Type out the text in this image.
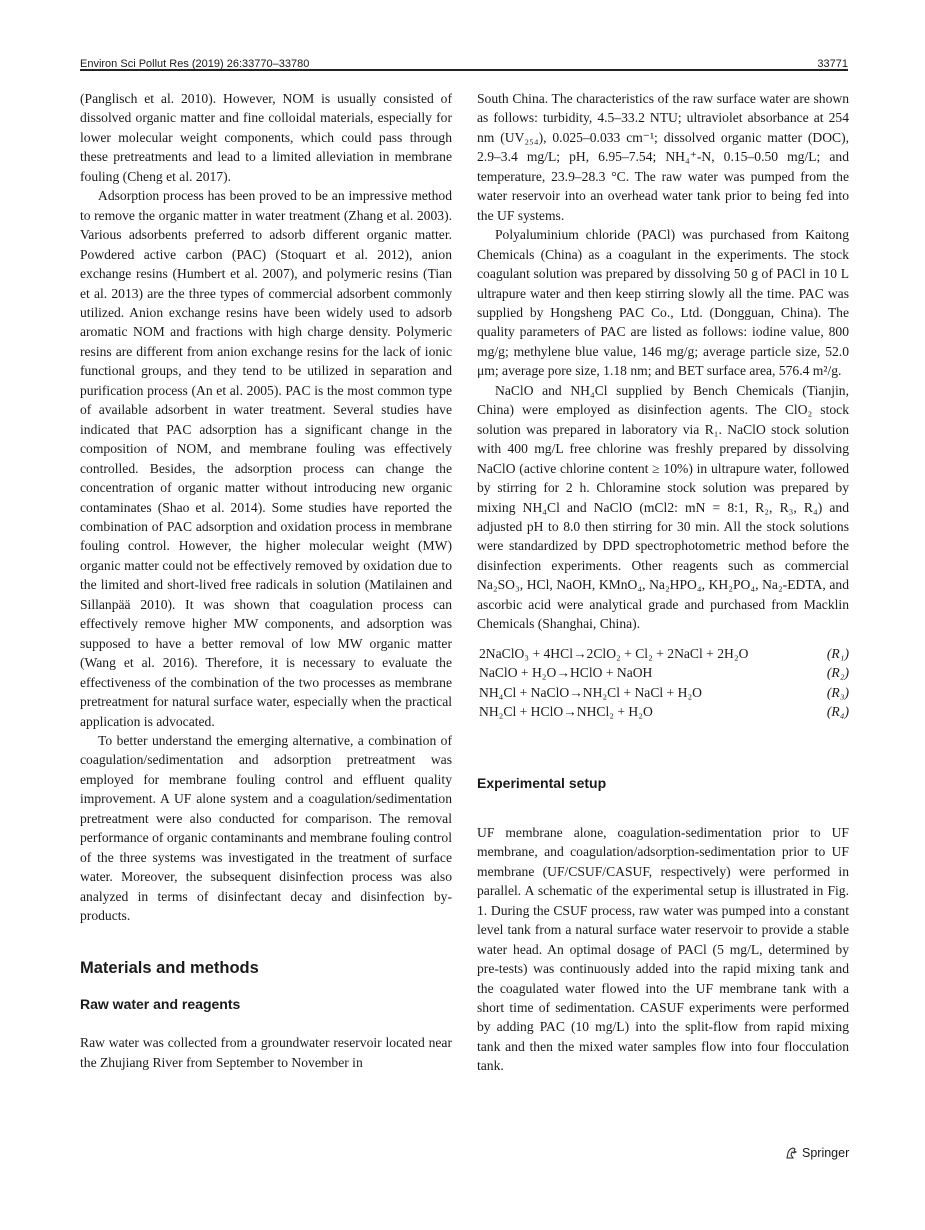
Environ Sci Pollut Res (2019) 26:33770–33780	33771

(Panglisch et al. 2010). However, NOM is usually consisted of dissolved organic matter and fine colloidal materials, especially for lower molecular weight components, which could pass through these pretreatments and lead to a limited alleviation in membrane fouling (Cheng et al. 2017).

Adsorption process has been proved to be an impressive method to remove the organic matter in water treatment (Zhang et al. 2003). Various adsorbents preferred to adsorb different organic matter. Powdered active carbon (PAC) (Stoquart et al. 2012), anion exchange resins (Humbert et al. 2007), and polymeric resins (Tian et al. 2013) are the three types of commercial adsorbent commonly utilized. Anion exchange resins have been widely used to adsorb aromatic NOM and fractions with high charge density. Polymeric resins are different from anion exchange resins for the lack of ionic functional groups, and they tend to be utilized in separation and purification process (An et al. 2005). PAC is the most common type of available adsorbent in water treatment. Several studies have indicated that PAC adsorption has a significant change in the composition of NOM, and membrane fouling was effectively controlled. Besides, the adsorption process can change the concentration of organic matter without introducing new organic contaminates (Shao et al. 2014). Some studies have reported the combination of PAC adsorption and oxidation process in membrane fouling control. However, the higher molecular weight (MW) organic matter could not be effectively removed by oxidation due to the limited and short-lived free radicals in solution (Matilainen and Sillanpää 2010). It was shown that coagulation process can effectively remove higher MW components, and adsorption was supposed to have a better removal of low MW organic matter (Wang et al. 2016). Therefore, it is necessary to evaluate the effectiveness of the combination of the two processes as membrane pretreatment for natural surface water, especially when the practical application is advocated.

To better understand the emerging alternative, a combination of coagulation/sedimentation and adsorption pretreatment was employed for membrane fouling control and effluent quality improvement. A UF alone system and a coagulation/sedimentation pretreatment were also conducted for comparison. The removal performance of organic contaminants and membrane fouling control of the three systems was investigated in the treatment of surface water. Moreover, the subsequent disinfection process was also analyzed in terms of disinfectant decay and disinfection by-products.

Materials and methods
Raw water and reagents

Raw water was collected from a groundwater reservoir located near the Zhujiang River from September to November in

South China. The characteristics of the raw surface water are shown as follows: turbidity, 4.5–33.2 NTU; ultraviolet absorbance at 254 nm (UV₂₅₄), 0.025–0.033 cm⁻¹; dissolved organic matter (DOC), 2.9–3.4 mg/L; pH, 6.95–7.54; NH₄⁺-N, 0.15–0.50 mg/L; and temperature, 23.9–28.3 °C. The raw water was pumped from the water reservoir into an overhead water tank prior to being fed into the UF systems.

Polyaluminium chloride (PACl) was purchased from Kaitong Chemicals (China) as a coagulant in the experiments. The stock coagulant solution was prepared by dissolving 50 g of PACl in 10 L ultrapure water and then keep stirring slowly all the time. PAC was supplied by Hongsheng PAC Co., Ltd. (Dongguan, China). The quality parameters of PAC are listed as follows: iodine value, 800 mg/g; methylene blue value, 146 mg/g; average particle size, 52.0 μm; average pore size, 1.18 nm; and BET surface area, 576.4 m²/g.

NaClO and NH₄Cl supplied by Bench Chemicals (Tianjin, China) were employed as disinfection agents. The ClO₂ stock solution was prepared in laboratory via R₁. NaClO stock solution with 400 mg/L free chlorine was freshly prepared by dissolving NaClO (active chlorine content ≥ 10%) in ultrapure water, followed by stirring for 2 h. Chloramine stock solution was prepared by mixing NH₄Cl and NaClO (mCl2: mN = 8:1, R₂, R₃, R₄) and adjusted pH to 8.0 then stirring for 30 min. All the stock solutions were standardized by DPD spectrophotometric method before the disinfection experiments. Other reagents such as commercial Na₂SO₃, HCl, NaOH, KMnO₄, Na₂HPO₄, KH₂PO₄, Na₂-EDTA, and ascorbic acid were analytical grade and purchased from Macklin Chemicals (Shanghai, China).

2NaClO₃ + 4HCl→2ClO₂ + Cl₂ + 2NaCl + 2H₂O	(R₁)
NaClO + H₂O→HClO + NaOH	(R₂)
NH₄Cl + NaClO→NH₂Cl + NaCl + H₂O	(R₃)
NH₂Cl + HClO→NHCl₂ + H₂O	(R₄)
Experimental setup

UF membrane alone, coagulation-sedimentation prior to UF membrane, and coagulation/adsorption-sedimentation prior to UF membrane (UF/CSUF/CASUF, respectively) were performed in parallel. A schematic of the experimental setup is illustrated in Fig. 1. During the CSUF process, raw water was pumped into a constant level tank from a natural surface water reservoir to provide a stable water head. An optimal dosage of PACl (5 mg/L, determined by pre-tests) was continuously added into the rapid mixing tank and the coagulated water flowed into the UF membrane tank with a short time of sedimentation. CASUF experiments were performed by adding PAC (10 mg/L) into the split-flow from rapid mixing tank and then the mixed water samples flow into four flocculation tank.

Springer
